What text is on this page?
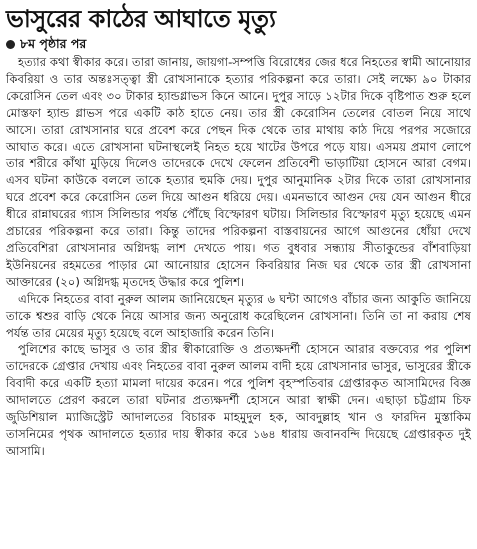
ভাসুরের কাঠের আঘাতে মৃত্যু
৮ম পৃষ্ঠার পর

হত্যার কথা স্বীকার করে। তারা জানায়, জায়গা-সম্পত্তি বিরোধের জের ধরে নিহতের স্বামী আনোয়ার কিবরিয়া ও তার অন্তঃসত্ত্বা স্ত্রী রোখসানাকে হত্যার পরিকল্পনা করে তারা। সেই লক্ষ্যে ৯০ টাকার কেরোসিন তেল এবং ৩০ টাকার হ্যান্ডগ্লাভস কিনে আনে। দুপুর সাড়ে ১২টার দিকে বৃষ্টিপাত শুরু হলে মোস্তফা হ্যান্ড গ্লাভস পরে একটি কাঠ হাতে নেয়। তার স্ত্রী কেরোসিন তেলের বোতল নিয়ে সাথে আসে। তারা রোখসানার ঘরে প্রবেশ করে পেছন দিক থেকে তার মাথায় কাঠ দিয়ে পরপর সজোরে আঘাত করে। এতে রোখসানা ঘটনাস্থলেই নিহত হয়ে খাটের উপরে পড়ে যায়। এসময় প্রমাণ লোপে তার শরীরে কাঁথা মুড়িয়ে দিলেও তাদেরকে দেখে ফেলেন প্রতিবেশী ভাড়াটিয়া হোসনে আরা বেগম। এসব ঘটনা কাউকে বললে তাকে হত্যার হুমকি দেয়। দুপুর আনুমানিক ২টার দিকে তারা রোখসানার ঘরে প্রবেশ করে কেরোসিন তেল দিয়ে আগুন ধরিয়ে দেয়। এমনভাবে আগুন দেয় যেন আগুন ধীরে ধীরে রান্নাঘরের গ্যাস সিলিন্ডার পর্যন্ত পৌঁছে বিস্ফোরণ ঘটায়। সিলিন্ডার বিস্ফোরণ মৃত্যু হয়েছে এমন প্রচারের পরিকল্পনা করে তারা। কিন্তু তাদের পরিকল্পনা বাস্তবায়নের আগে আগুনের ধোঁয়া দেখে প্রতিবেশিরা রোখসানার অগ্নিদগ্ধ লাশ দেখতে পায়। গত বুধবার সন্ধ্যায় সীতাকুন্ডের বাঁশবাড়িয়া ইউনিয়নের রহমতের পাড়ার মো আনোয়ার হোসেন কিবরিয়ার নিজ ঘর থেকে তার স্ত্রী রোখসানা আক্তারের (২০) অগ্নিদগ্ধ মৃতদেহ উদ্ধার করে পুলিশ।

এদিকে নিহতের বাবা নুরুল আলম জানিয়েছেন মৃত্যুর ৬ ঘন্টা আগেও বাঁচার জন্য আকুতি জানিয়ে তাকে শ্বশুর বাড়ি থেকে নিয়ে আসার জন্য অনুরোধ করেছিলেন রোখসানা। তিনি তা না করায় শেষ পর্যন্ত তার মেয়ের মৃত্যু হয়েছে বলে আহাজারি করেন তিনি।

পুলিশের কাছে ভাসুর ও তার স্ত্রীর স্বীকারোক্তি ও প্রত্যক্ষদর্শী হোসনে আরার বক্তব্যের পর পুলিশ তাদেরকে গ্রেপ্তার দেখায় এবং নিহতের বাবা নুরুল আলম বাদী হয়ে রোখসানার ভাসুর, ভাসুরের স্ত্রীকে বিবাদী করে একটি হত্যা মামলা দায়ের করেন। পরে পুলিশ বৃহস্পতিবার গ্রেপ্তারকৃত আসামিদের বিজ্ঞ আদালতে প্রেরণ করলে তারা ঘটনার প্রত্যক্ষদর্শী হোসনে আরা স্বাক্ষী দেন। এছাড়া চট্টগ্রাম চিফ জুডিশিয়াল ম্যাজিস্ট্রেট আদালতের বিচারক মাহমুদুল হক, আবদুল্লাহ খান ও ফারদিন মুস্তাকিম তাসনিমের পৃথক আদালতে হত্যার দায় স্বীকার করে ১৬৪ ধারায় জবানবন্দি দিয়েছে গ্রেপ্তারকৃত দুই আসামি।
